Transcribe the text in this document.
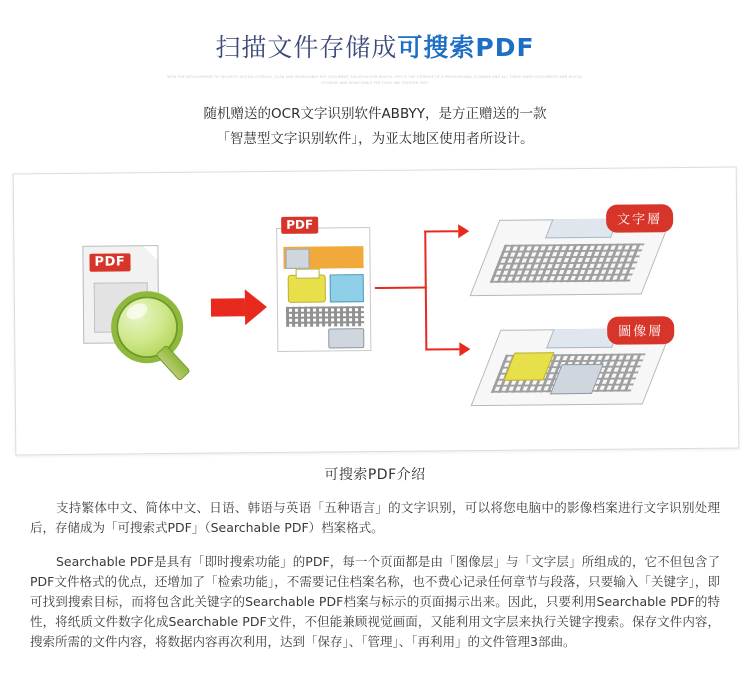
扫描文件存储成可搜索PDF
WITH THE DEVELOPMENT OF SECURITY DIGITAL STORAGE, SCAN AND SEARCHABLE PDF DOCUMENT SOLUTION FOR DIGITAL OFFICE THE STORAGE OF A PROFESSIONAL SCANNER AND ALL THREE PAPER DOCUMENTS AND DIGITAL STORAGE AND SEARCHABLE PDF FILES ARE CREATED FAST
随机赠送的OCR文字识别软件ABBYY，是方正赠送的一款
「智慧型文字识别软件」，为亚太地区使用者所设计。
PDF
PDF	文字層
圖像層
可搜索PDF介绍

支持繁体中文、简体中文、日语、韩语与英语「五种语言」的文字识别，可以将您电脑中的影像档案进行文字识别处理后，存储成为「可搜索式PDF」（Searchable PDF）档案格式。

Searchable PDF是具有「即时搜索功能」的PDF，每一个页面都是由「图像层」与「文字层」所组成的，它不但包含了PDF文件格式的优点，还增加了「检索功能」，不需要记住档案名称，也不费心记录任何章节与段落，只要输入「关键字」，即可找到搜索目标，而将包含此关键字的Searchable PDF档案与标示的页面揭示出来。因此，只要利用Searchable PDF的特性，将纸质文件数字化成Searchable PDF文件，不但能兼顾视觉画面，又能利用文字层来执行关键字搜索。保存文件内容，搜索所需的文件内容，将数据内容再次利用，达到「保存」、「管理」、「再利用」的文件管理3部曲。
